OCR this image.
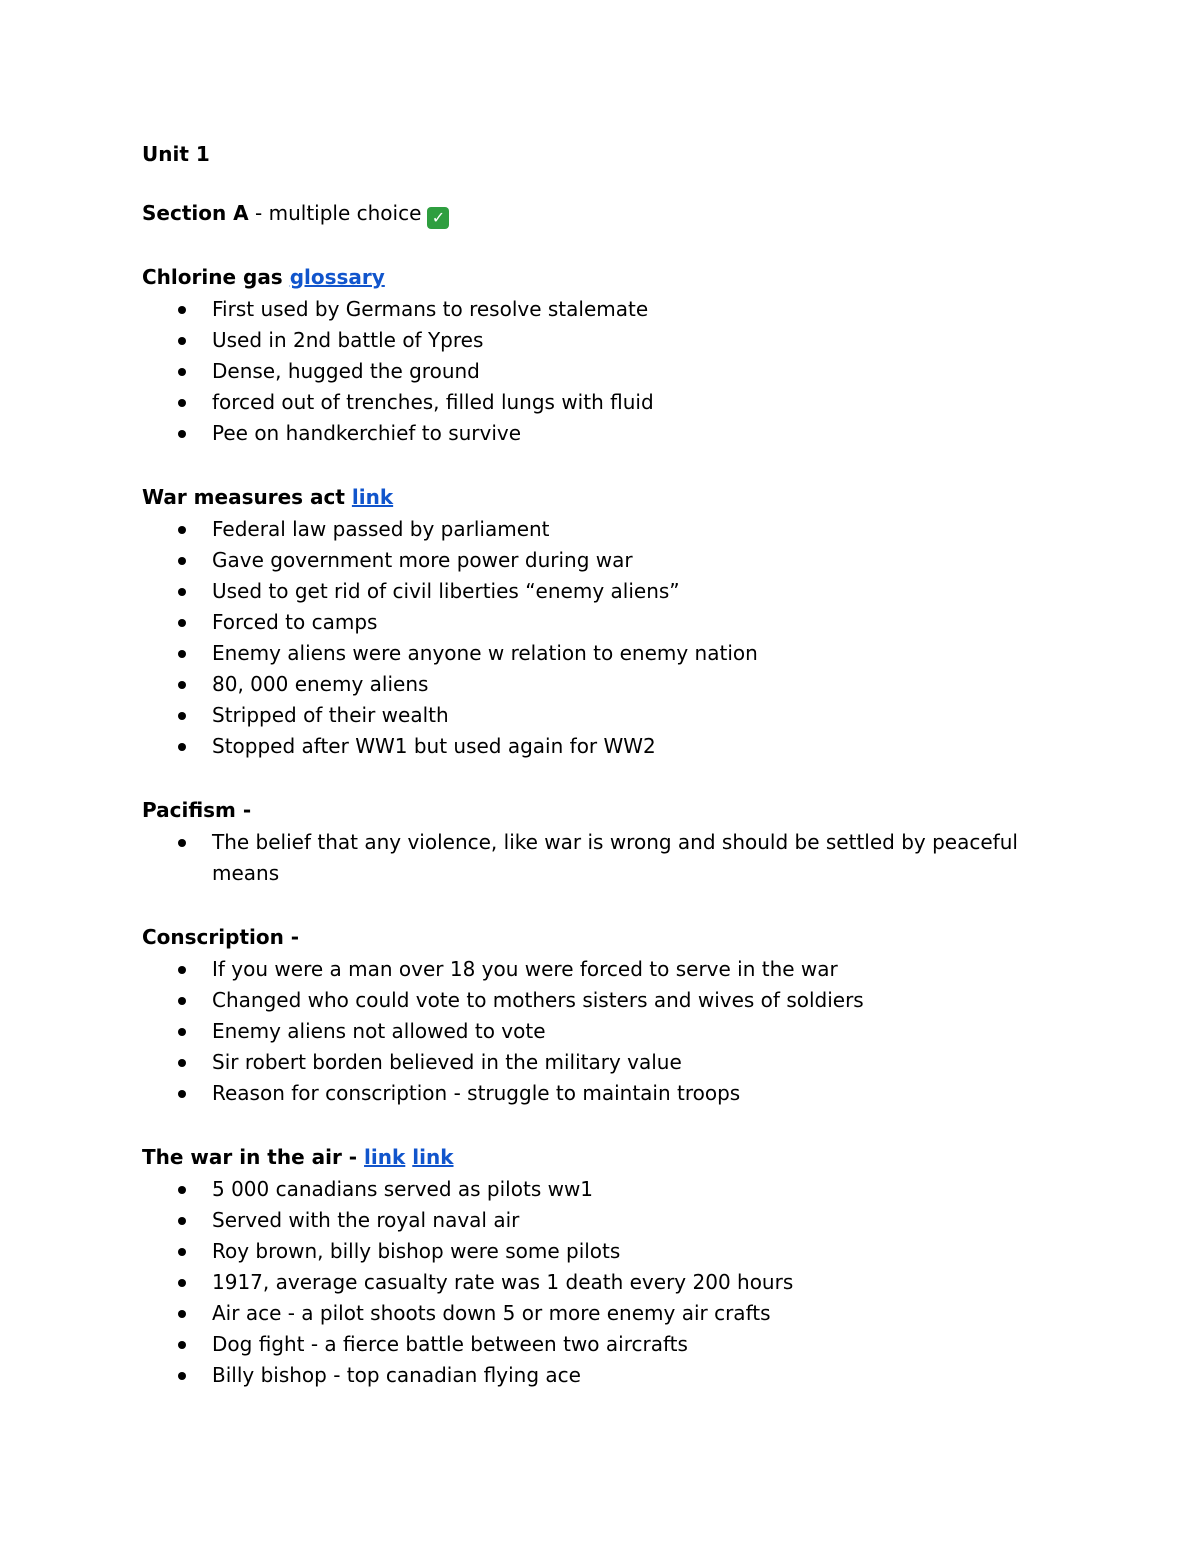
Unit 1

Section A - multiple choice ✓

Chlorine gas glossary

First used by Germans to resolve stalemate
Used in 2nd battle of Ypres
Dense, hugged the ground
forced out of trenches, filled lungs with fluid
Pee on handkerchief to survive

War measures act link

Federal law passed by parliament
Gave government more power during war
Used to get rid of civil liberties “enemy aliens”
Forced to camps
Enemy aliens were anyone w relation to enemy nation
80, 000 enemy aliens
Stripped of their wealth
Stopped after WW1 but used again for WW2

Pacifism -

The belief that any violence, like war is wrong and should be settled by peaceful means

Conscription -

If you were a man over 18 you were forced to serve in the war
Changed who could vote to mothers sisters and wives of soldiers
Enemy aliens not allowed to vote
Sir robert borden believed in the military value
Reason for conscription - struggle to maintain troops

The war in the air - link link

5 000 canadians served as pilots ww1
Served with the royal naval air
Roy brown, billy bishop were some pilots
1917, average casualty rate was 1 death every 200 hours
Air ace - a pilot shoots down 5 or more enemy air crafts
Dog fight - a fierce battle between two aircrafts
Billy bishop - top canadian flying ace
